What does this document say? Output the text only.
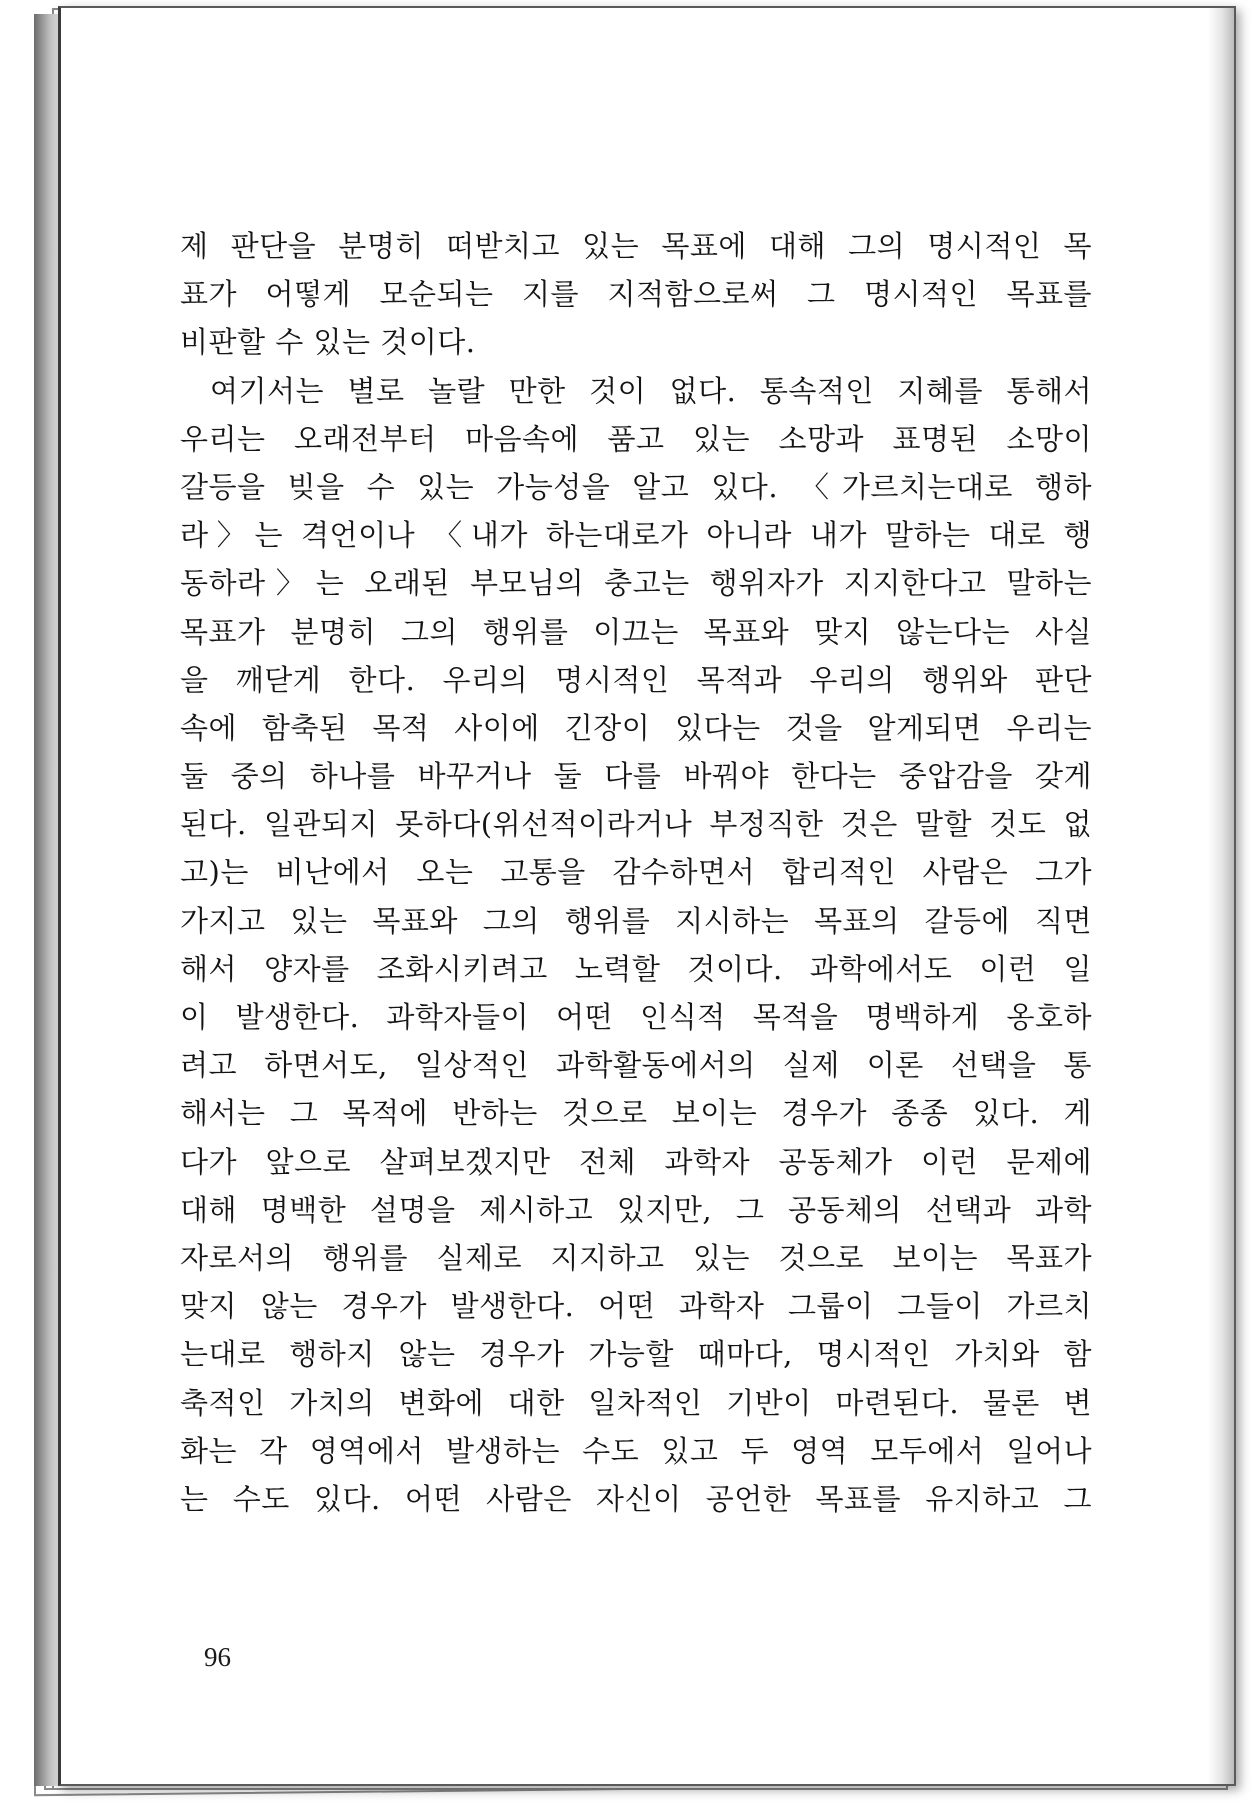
제 판단을 분명히 떠받치고 있는 목표에 대해 그의 명시적인 목
표가 어떻게 모순되는 지를 지적함으로써 그 명시적인 목표를
비판할 수 있는 것이다.
여기서는 별로 놀랄 만한 것이 없다. 통속적인 지혜를 통해서
우리는 오래전부터 마음속에 품고 있는 소망과 표명된 소망이
갈등을 빚을 수 있는 가능성을 알고 있다. 〈가르치는대로 행하
라〉는 격언이나 〈내가 하는대로가 아니라 내가 말하는 대로 행
동하라〉는 오래된 부모님의 충고는 행위자가 지지한다고 말하는
목표가 분명히 그의 행위를 이끄는 목표와 맞지 않는다는 사실
을 깨닫게 한다. 우리의 명시적인 목적과 우리의 행위와 판단
속에 함축된 목적 사이에 긴장이 있다는 것을 알게되면 우리는
둘 중의 하나를 바꾸거나 둘 다를 바꿔야 한다는 중압감을 갖게
된다. 일관되지 못하다(위선적이라거나 부정직한 것은 말할 것도 없
고)는 비난에서 오는 고통을 감수하면서 합리적인 사람은 그가
가지고 있는 목표와 그의 행위를 지시하는 목표의 갈등에 직면
해서 양자를 조화시키려고 노력할 것이다. 과학에서도 이런 일
이 발생한다. 과학자들이 어떤 인식적 목적을 명백하게 옹호하
려고 하면서도, 일상적인 과학활동에서의 실제 이론 선택을 통
해서는 그 목적에 반하는 것으로 보이는 경우가 종종 있다. 게
다가 앞으로 살펴보겠지만 전체 과학자 공동체가 이런 문제에
대해 명백한 설명을 제시하고 있지만, 그 공동체의 선택과 과학
자로서의 행위를 실제로 지지하고 있는 것으로 보이는 목표가
맞지 않는 경우가 발생한다. 어떤 과학자 그룹이 그들이 가르치
는대로 행하지 않는 경우가 가능할 때마다, 명시적인 가치와 함
축적인 가치의 변화에 대한 일차적인 기반이 마련된다. 물론 변
화는 각 영역에서 발생하는 수도 있고 두 영역 모두에서 일어나
는 수도 있다. 어떤 사람은 자신이 공언한 목표를 유지하고 그
96
